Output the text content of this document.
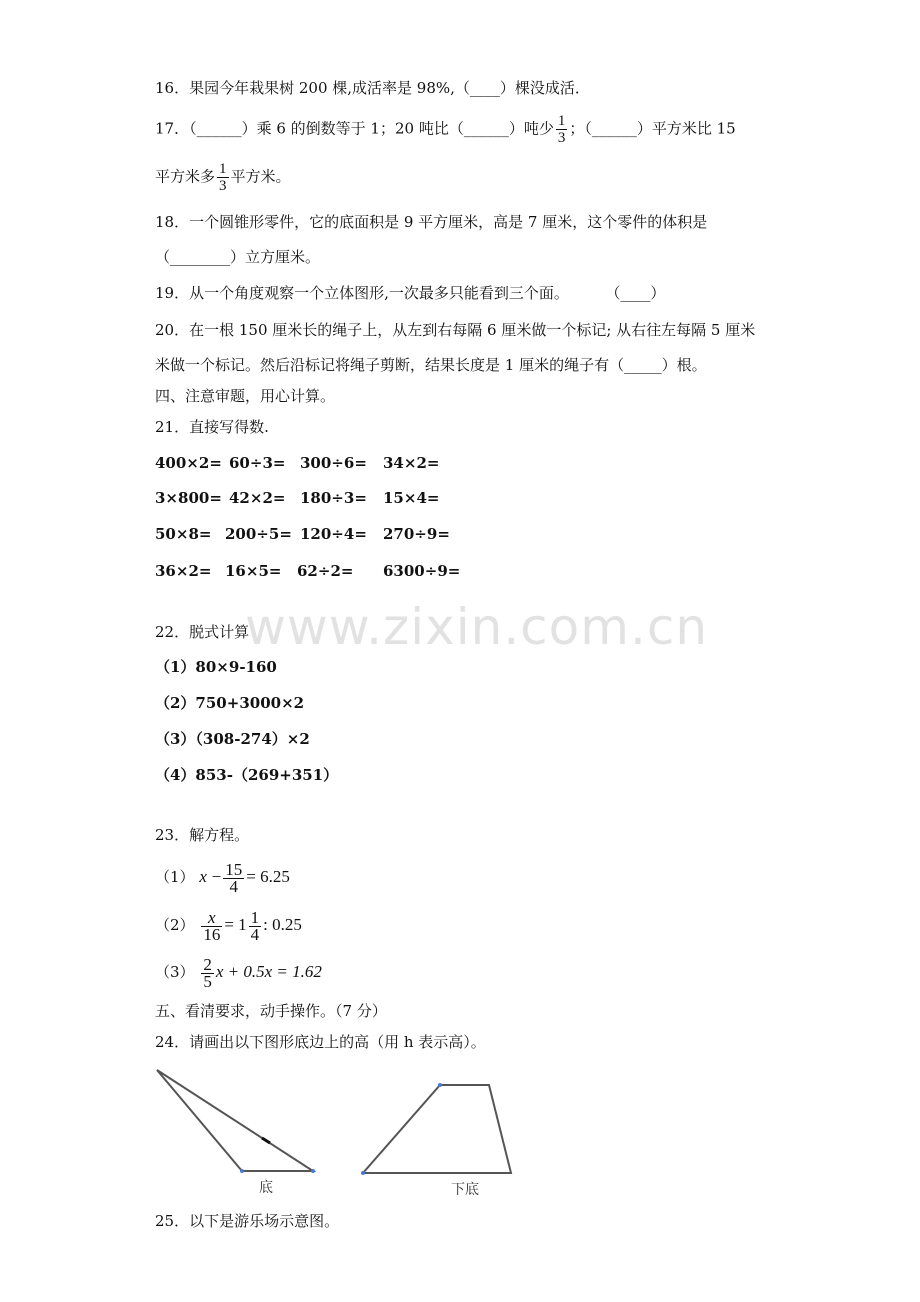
www.zixin.com.cn
16．果园今年栽果树 200 棵,成活率是 98%,（____）棵没成活．
17．（______）乘 6 的倒数等于 1；20 吨比（______）吨少 $\frac{1}{3}$ ；（______）平方米比 15
平方米多 $\frac{1}{3}$ 平方米。
18．一个圆锥形零件，它的底面积是 9 平方厘米，高是 7 厘米，这个零件的体积是
（________）立方厘米。
19．从一个角度观察一个立体图形,一次最多只能看到三个面。	（____）
20．在一根 150 厘米长的绳子上，从左到右每隔 6 厘米做一个标记; 从右往左每隔 5 厘米
米做一个标记。然后沿标记将绳子剪断，结果长度是 1 厘米的绳子有（_____）根。
四、注意审题，用心计算。
21．直接写得数.
400×2= 60÷3= 300÷6= 34×2=
3×800= 42×2= 180÷3= 15×4=
50×8= 200÷5= 120÷4= 270÷9=
36×2= 16×5= 62÷2= 6300÷9=
22．脱式计算
（1）80×9-160
（2）750+3000×2
（3）（308-274）×2
（4）853-（269+351）
23．解方程。
（1） $x - \frac{15}{4} = 6.25$
$(2) \frac{x}{16} = 1 \frac{1}{4}$ : 0.25
$(3) \frac{2}{5}$ x + 0.5x = 1.62
五、看清要求，动手操作。（7 分）
24．请画出以下图形底边上的高（用 h 表示高）。
底	下底
25．以下是游乐场示意图。
